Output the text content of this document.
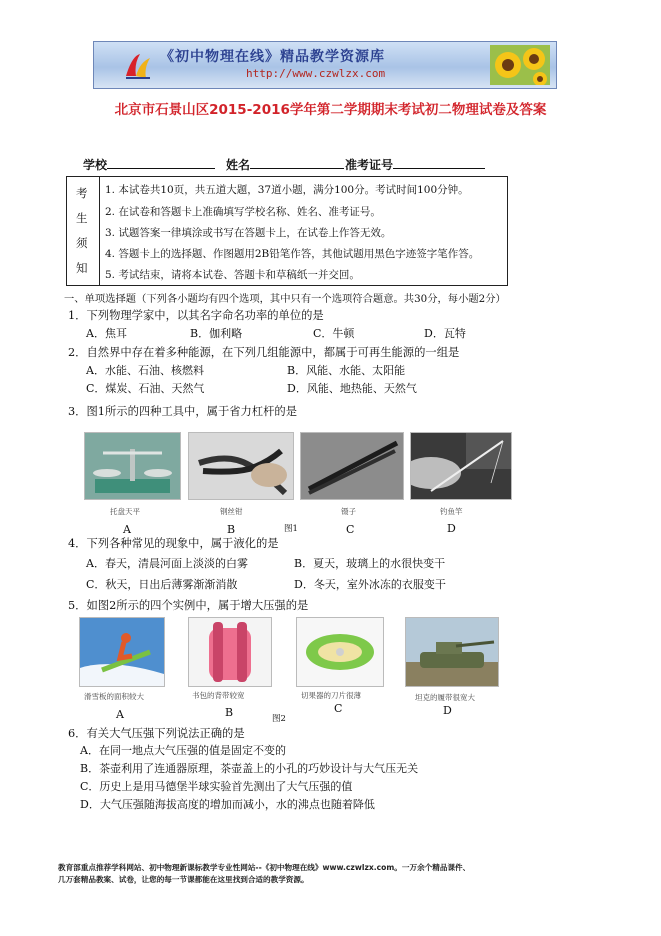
《初中物理在线》精品教学资源库
http://www.czwlzx.com
北京市石景山区2015-2016学年第二学期期末考试初二物理试卷及答案
学校	姓名	准考证号
考
生
须
知
1. 本试卷共10页，共五道大题，37道小题，满分100分。考试时间100分钟。
2. 在试卷和答题卡上准确填写学校名称、姓名、准考证号。
3. 试题答案一律填涂或书写在答题卡上，在试卷上作答无效。
4. 答题卡上的选择题、作图题用2B铅笔作答，其他试题用黑色字迹签字笔作答。
5. 考试结束，请将本试卷、答题卡和草稿纸一并交回。
一、单项选择题（下列各小题均有四个选项，其中只有一个选项符合题意。共30分，每小题2分）
1．下列物理学家中，以其名字命名功率的单位的是
A．焦耳	B．伽利略	C．牛顿	D．瓦特
2．自然界中存在着多种能源，在下列几组能源中，都属于可再生能源的一组是
A．水能、石油、核燃料	B．风能、水能、太阳能
C．煤炭、石油、天然气	D．风能、地热能、天然气
3．图1所示的四种工具中，属于省力杠杆的是
托盘天平
A
钢丝钳
B
镊子
C
钓鱼竿
D
图1
4．下列各种常见的现象中，属于液化的是
A．春天，清晨河面上淡淡的白雾	B．夏天，玻璃上的水很快变干
C．秋天，日出后薄雾渐渐消散	D．冬天，室外冰冻的衣服变干
5．如图2所示的四个实例中，属于增大压强的是
滑雪板的面积较大
A
书包的背带较宽
B
切果器的刀片很薄
C
坦克的履带很宽大
D
图2
6．有关大气压强下列说法正确的是
A．在同一地点大气压强的值是固定不变的
B．茶壶利用了连通器原理，茶壶盖上的小孔的巧妙设计与大气压无关
C．历史上是用马德堡半球实验首先测出了大气压强的值
D．大气压强随海拔高度的增加而减小，水的沸点也随着降低
教育部重点推荐学科网站、初中物理新课标教学专业性网站--《初中物理在线》www.czwlzx.com。一万余个精品课件、
几万套精品教案、试卷，让您的每一节课都能在这里找到合适的教学资源。
